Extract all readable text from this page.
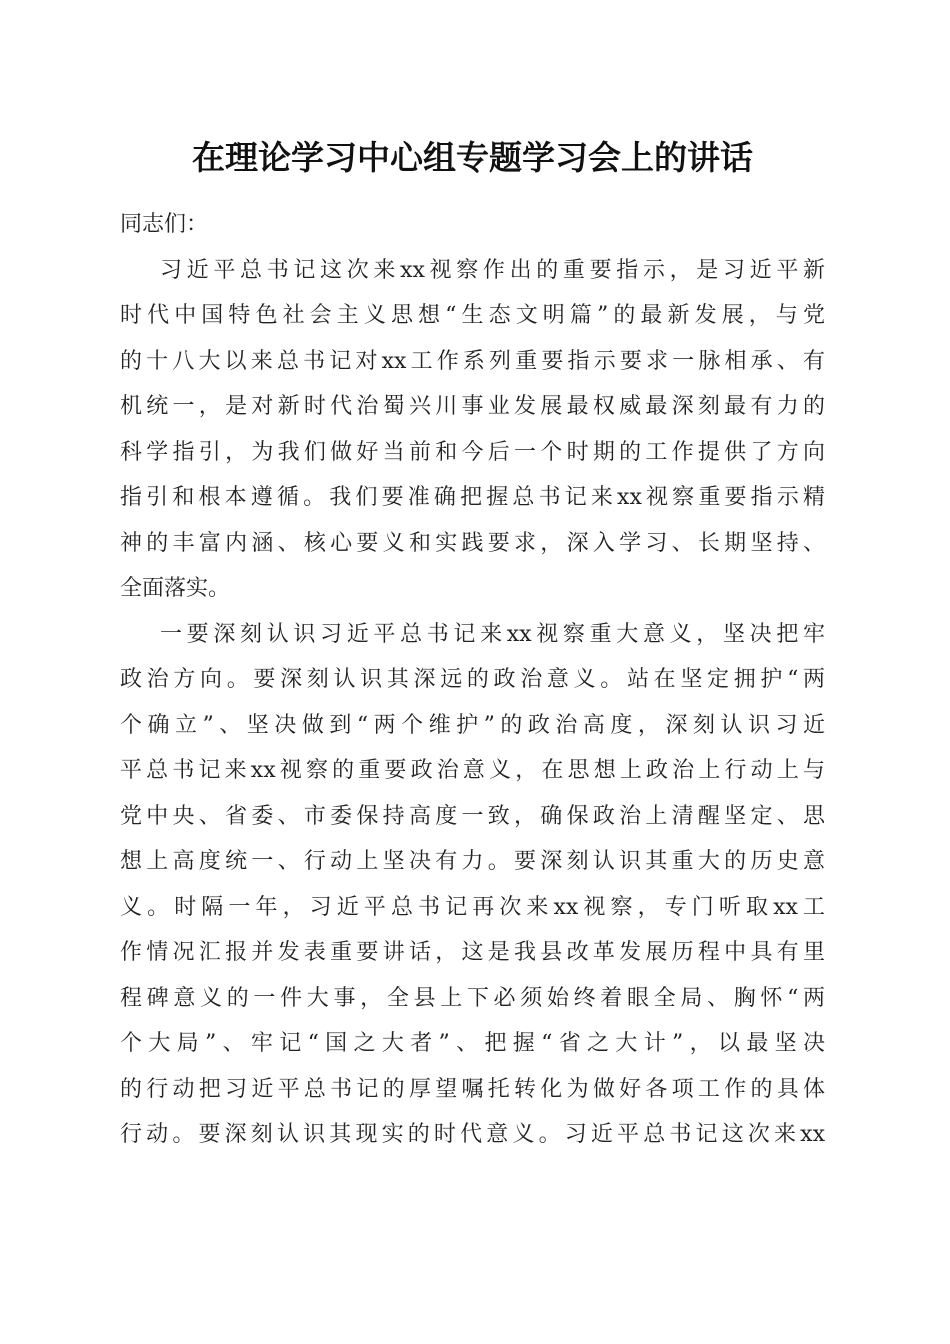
在理论学习中心组专题学习会上的讲话
同志们：
习近平总书记这次来xx视察作出的重要指示，是习近平新
时代中国特色社会主义思想“生态文明篇”的最新发展，与党
的十八大以来总书记对xx工作系列重要指示要求一脉相承、有
机统一，是对新时代治蜀兴川事业发展最权威最深刻最有力的
科学指引，为我们做好当前和今后一个时期的工作提供了方向
指引和根本遵循。我们要准确把握总书记来xx视察重要指示精
神的丰富内涵、核心要义和实践要求，深入学习、长期坚持、
全面落实。
一要深刻认识习近平总书记来xx视察重大意义，坚决把牢
政治方向。要深刻认识其深远的政治意义。站在坚定拥护“两
个确立”、坚决做到“两个维护”的政治高度，深刻认识习近
平总书记来xx视察的重要政治意义，在思想上政治上行动上与
党中央、省委、市委保持高度一致，确保政治上清醒坚定、思
想上高度统一、行动上坚决有力。要深刻认识其重大的历史意
义。时隔一年，习近平总书记再次来xx视察，专门听取xx工
作情况汇报并发表重要讲话，这是我县改革发展历程中具有里
程碑意义的一件大事，全县上下必须始终着眼全局、胸怀“两
个大局”、牢记“国之大者”、把握“省之大计”，以最坚决
的行动把习近平总书记的厚望嘱托转化为做好各项工作的具体
行动。要深刻认识其现实的时代意义。习近平总书记这次来xx
